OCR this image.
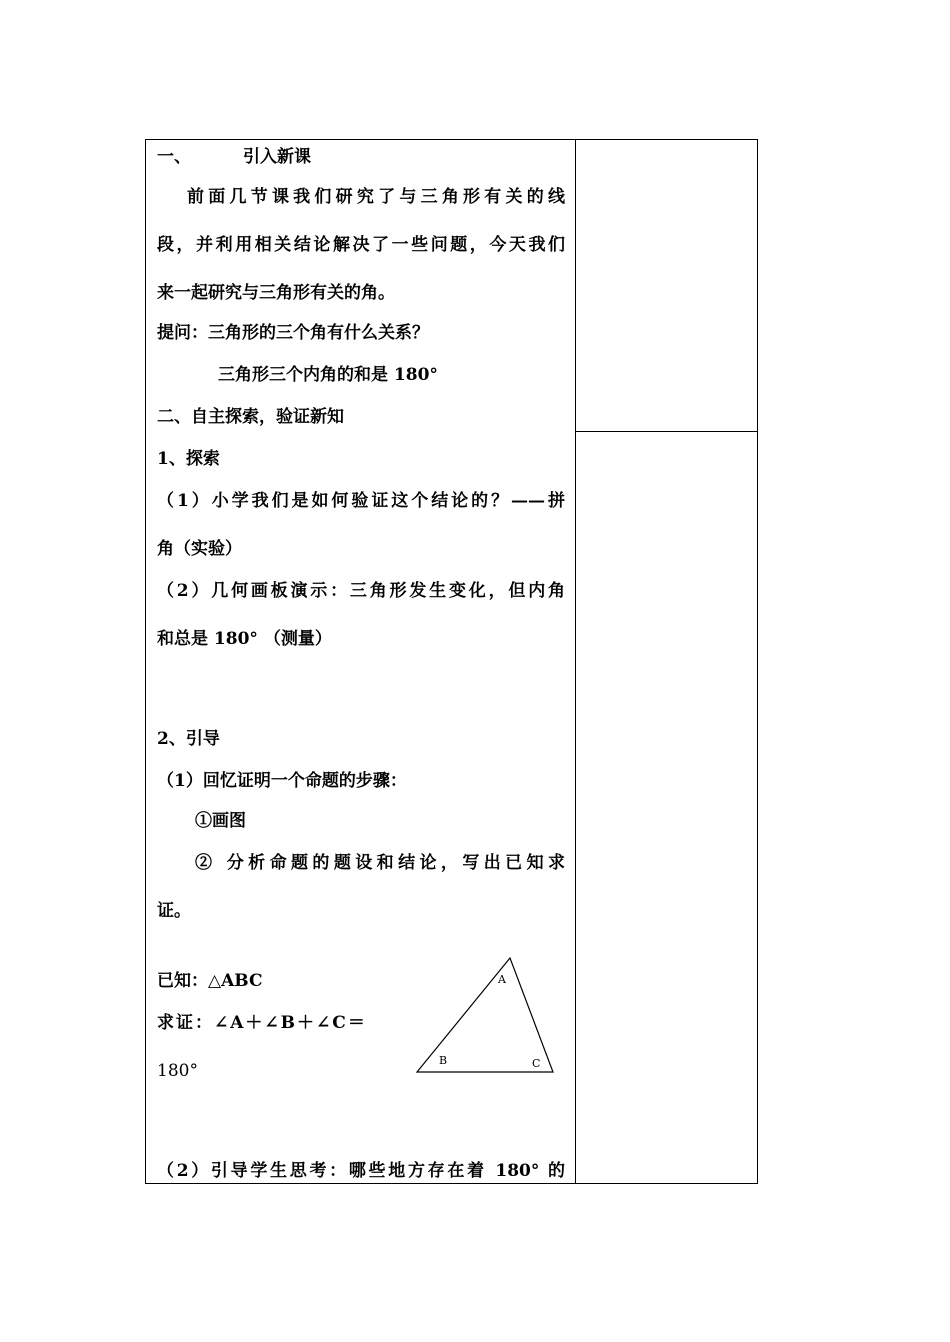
一、	引入新课
前面几节课我们研究了与三角形有关的线
段，并利用相关结论解决了一些问题，今天我们
来一起研究与三角形有关的角。
提问：三角形的三个角有什么关系？
三角形三个内角的和是 180°
二、自主探索，验证新知
1、探索
（1）小学我们是如何验证这个结论的？——拼
角（实验）
（2）几何画板演示：三角形发生变化，但内角
和总是 180° （测量）
2、引导
（1）回忆证明一个命题的步骤：
①画图
② 分析命题的题设和结论，写出已知求
证。
已知：△ABC
求证：∠A＋∠B＋∠C＝
180°
A
B	C
（2）引导学生思考：哪些地方存在着 180° 的
